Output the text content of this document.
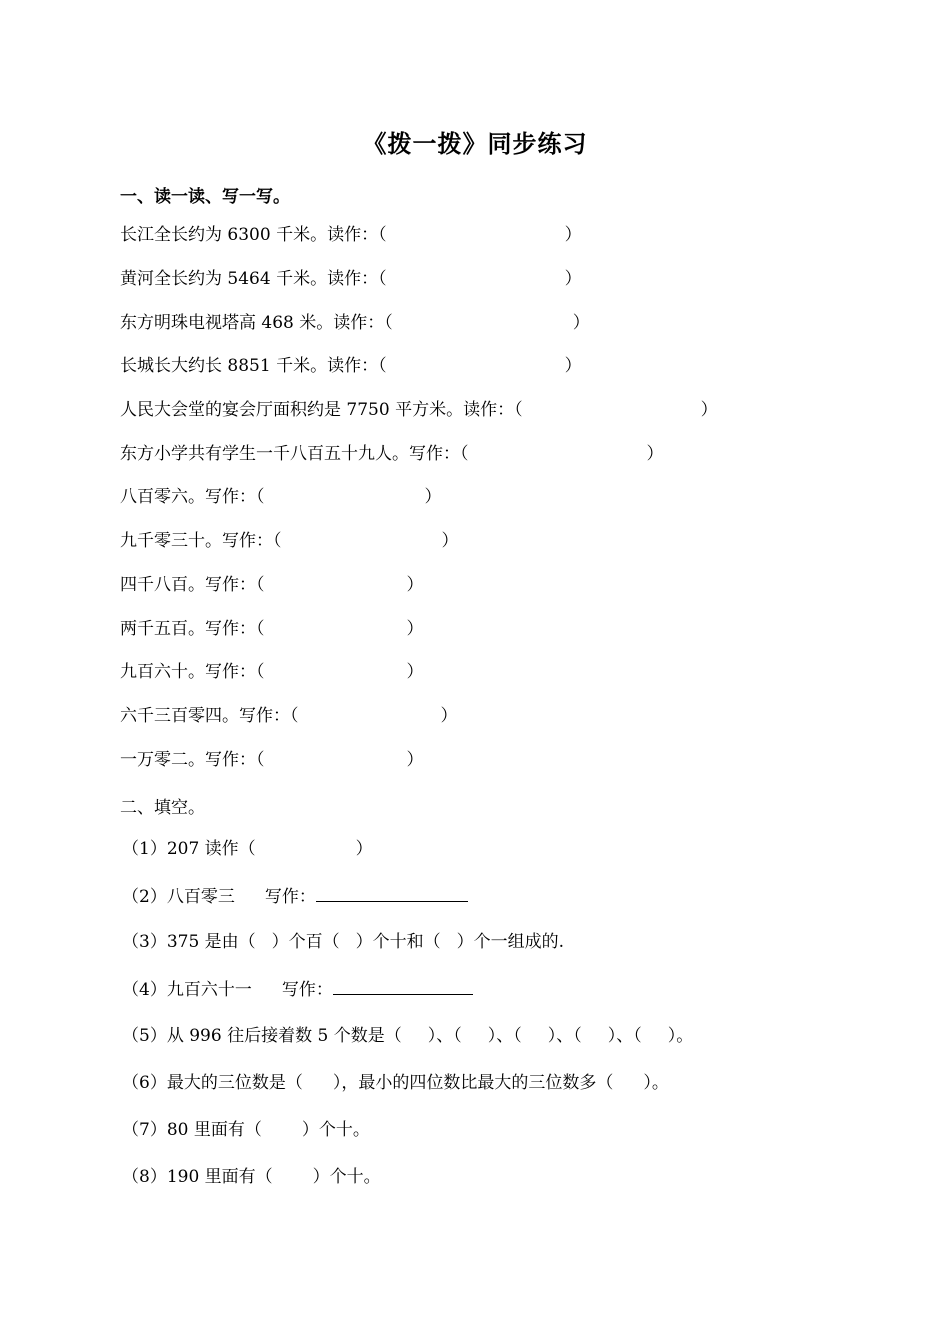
《拨一拨》同步练习
一、读一读、写一写。
长江全长约为 6300 千米。读作：（	）
黄河全长约为 5464 千米。读作：（	）
东方明珠电视塔高 468 米。读作：（	）
长城长大约长 8851 千米。读作：（	）
人民大会堂的宴会厅面积约是 7750 平方米。读作：（	）
东方小学共有学生一千八百五十九人。写作：（	）
八百零六。写作：（	）
九千零三十。写作：（	）
四千八百。写作：（	）
两千五百。写作：（	）
九百六十。写作：（	）
六千三百零四。写作：（	）
一万零二。写作：（	）
二、填空。
（1）207 读作（	）
（2）八百零三 写作：
（3）375 是由（ ）个百（ ）个十和（ ）个一组成的.
（4）九百六十一 写作：
（5）从 996 往后接着数 5 个数是（ ）、（ ）、（ ）、（ ）、（ ）。
（6）最大的三位数是（ ），最小的四位数比最大的三位数多（ ）。
（7）80 里面有（ ）个十。
（8）190 里面有（ ）个十。
